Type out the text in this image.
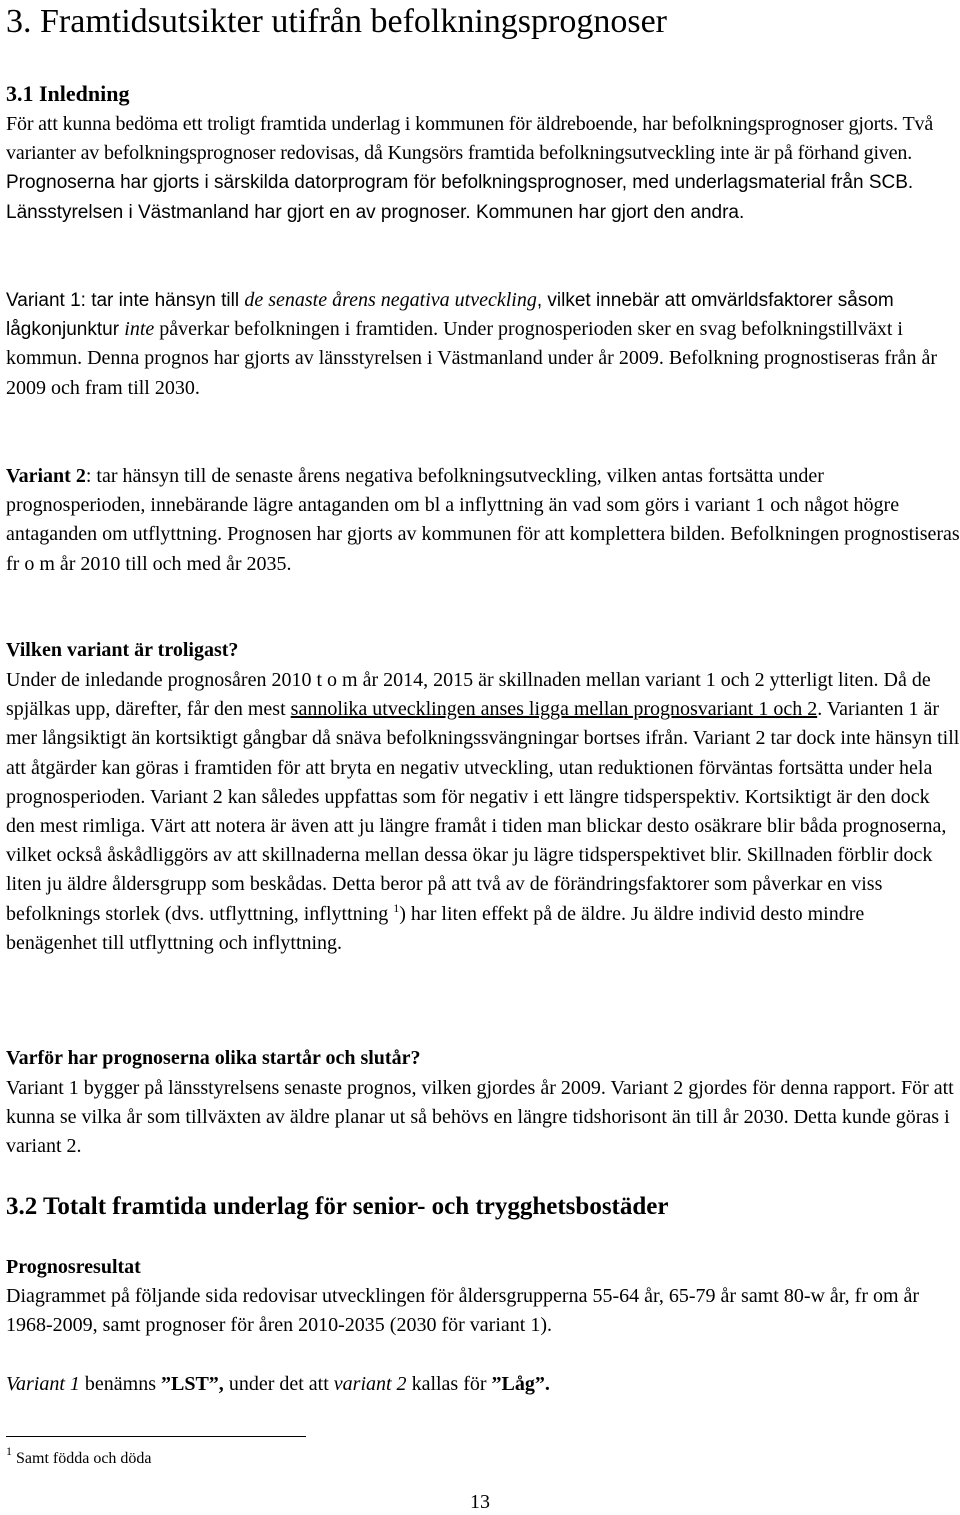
3. Framtidsutsikter utifrån befolkningsprognoser
3.1 Inledning

För att kunna bedöma ett troligt framtida underlag i kommunen för äldreboende, har befolkningsprognoser gjorts. Två varianter av befolkningsprognoser redovisas, då Kungsörs framtida befolkningsutveckling inte är på förhand given. Prognoserna har gjorts i särskilda datorprogram för befolkningsprognoser, med underlagsmaterial från SCB. Länsstyrelsen i Västmanland har gjort en av prognoser. Kommunen har gjort den andra.

Variant 1: tar inte hänsyn till de senaste årens negativa utveckling, vilket innebär att omvärldsfaktorer såsom lågkonjunktur inte påverkar befolkningen i framtiden. Under prognosperioden sker en svag befolkningstillväxt i kommun. Denna prognos har gjorts av länsstyrelsen i Västmanland under år 2009. Befolkning prognostiseras från år 2009 och fram till 2030.

Variant 2: tar hänsyn till de senaste årens negativa befolkningsutveckling, vilken antas fortsätta under prognosperioden, innebärande lägre antaganden om bl a inflyttning än vad som görs i variant 1 och något högre antaganden om utflyttning. Prognosen har gjorts av kommunen för att komplettera bilden. Befolkningen prognostiseras fr o m år 2010 till och med år 2035.

Vilken variant är troligast?

Under de inledande prognosåren 2010 t o m år 2014, 2015 är skillnaden mellan variant 1 och 2 ytterligt liten. Då de spjälkas upp, därefter, får den mest sannolika utvecklingen anses ligga mellan prognosvariant 1 och 2. Varianten 1 är mer långsiktigt än kortsiktigt gångbar då snäva befolkningssvängningar bortses ifrån. Variant 2 tar dock inte hänsyn till att åtgärder kan göras i framtiden för att bryta en negativ utveckling, utan reduktionen förväntas fortsätta under hela prognosperioden. Variant 2 kan således uppfattas som för negativ i ett längre tidsperspektiv. Kortsiktigt är den dock den mest rimliga. Värt att notera är även att ju längre framåt i tiden man blickar desto osäkrare blir båda prognoserna, vilket också åskådliggörs av att skillnaderna mellan dessa ökar ju lägre tidsperspektivet blir. Skillnaden förblir dock liten ju äldre åldersgrupp som beskådas. Detta beror på att två av de förändringsfaktorer som påverkar en viss befolknings storlek (dvs. utflyttning, inflyttning $^1$) har liten effekt på de äldre. Ju äldre individ desto mindre benägenhet till utflyttning och inflyttning.

Varför har prognoserna olika startår och slutår?

Variant 1 bygger på länsstyrelsens senaste prognos, vilken gjordes år 2009. Variant 2 gjordes för denna rapport. För att kunna se vilka år som tillväxten av äldre planar ut så behövs en längre tidshorisont än till år 2030. Detta kunde göras i variant 2.

3.2 Totalt framtida underlag för senior- och trygghetsbostäder
Prognosresultat

Diagrammet på följande sida redovisar utvecklingen för åldersgrupperna 55-64 år, 65-79 år samt 80-w år, fr om år 1968-2009, samt prognoser för åren 2010-2035 (2030 för variant 1).

Variant 1 benämns ”LST”, under det att variant 2 kallas för ”Låg”.

$^1$ Samt födda och döda

13
